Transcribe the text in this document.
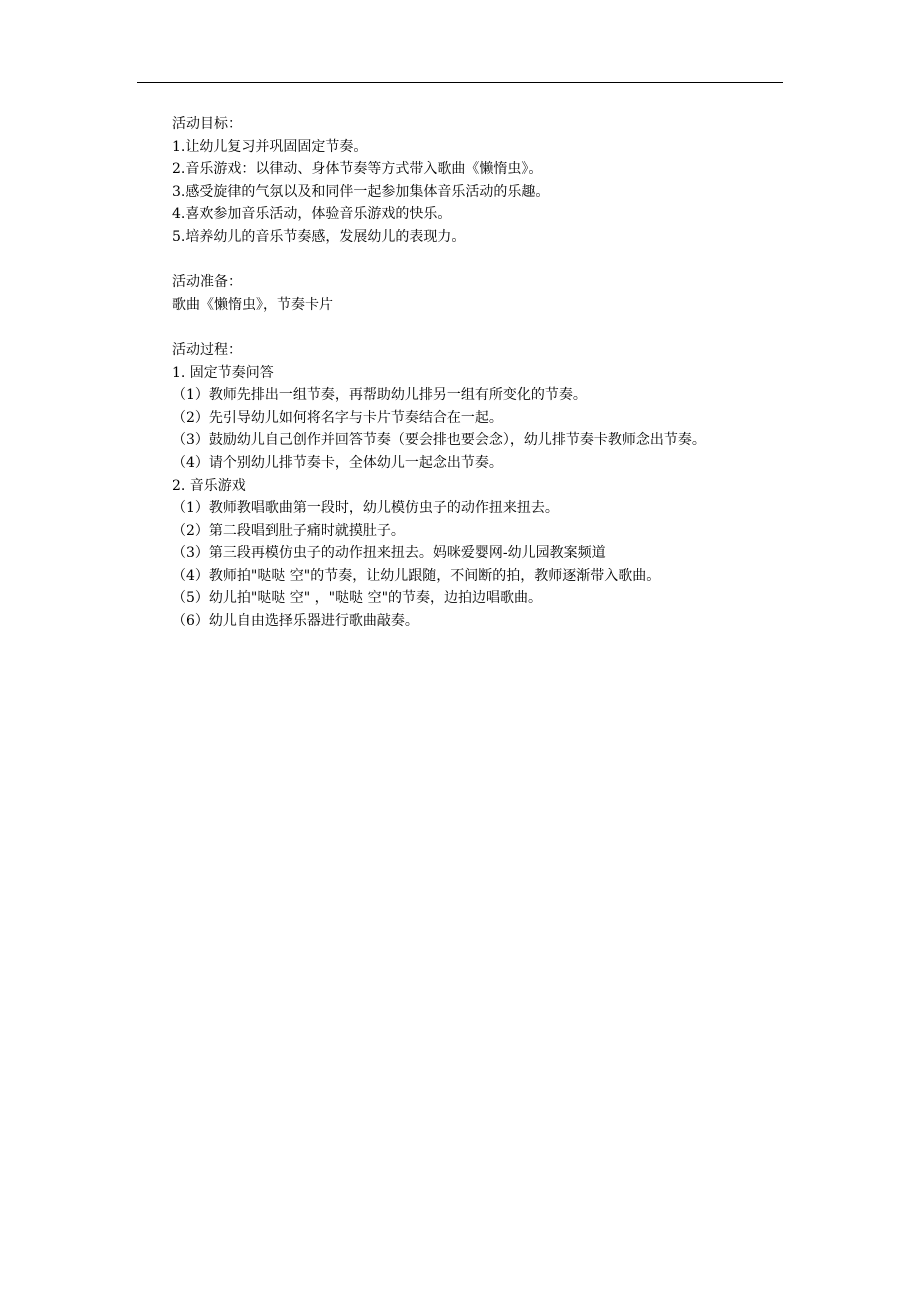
活动目标：

1.让幼儿复习并巩固固定节奏。

2.音乐游戏：以律动、身体节奏等方式带入歌曲《懒惰虫》。

3.感受旋律的气氛以及和同伴一起参加集体音乐活动的乐趣。

4.喜欢参加音乐活动，体验音乐游戏的快乐。

5.培养幼儿的音乐节奏感，发展幼儿的表现力。

活动准备：

歌曲《懒惰虫》，节奏卡片

活动过程：

1. 固定节奏问答

（1）教师先排出一组节奏，再帮助幼儿排另一组有所变化的节奏。

（2）先引导幼儿如何将名字与卡片节奏结合在一起。

（3）鼓励幼儿自己创作并回答节奏（要会排也要会念），幼儿排节奏卡教师念出节奏。

（4）请个别幼儿排节奏卡，全体幼儿一起念出节奏。

2. 音乐游戏

（1）教师教唱歌曲第一段时，幼儿模仿虫子的动作扭来扭去。

（2）第二段唱到肚子痛时就摸肚子。

（3）第三段再模仿虫子的动作扭来扭去。妈咪爱婴网-幼儿园教案频道

（4）教师拍"哒哒 空"的节奏，让幼儿跟随，不间断的拍，教师逐渐带入歌曲。

（5）幼儿拍"哒哒 空" ，"哒哒 空"的节奏，边拍边唱歌曲。

（6）幼儿自由选择乐器进行歌曲敲奏。
